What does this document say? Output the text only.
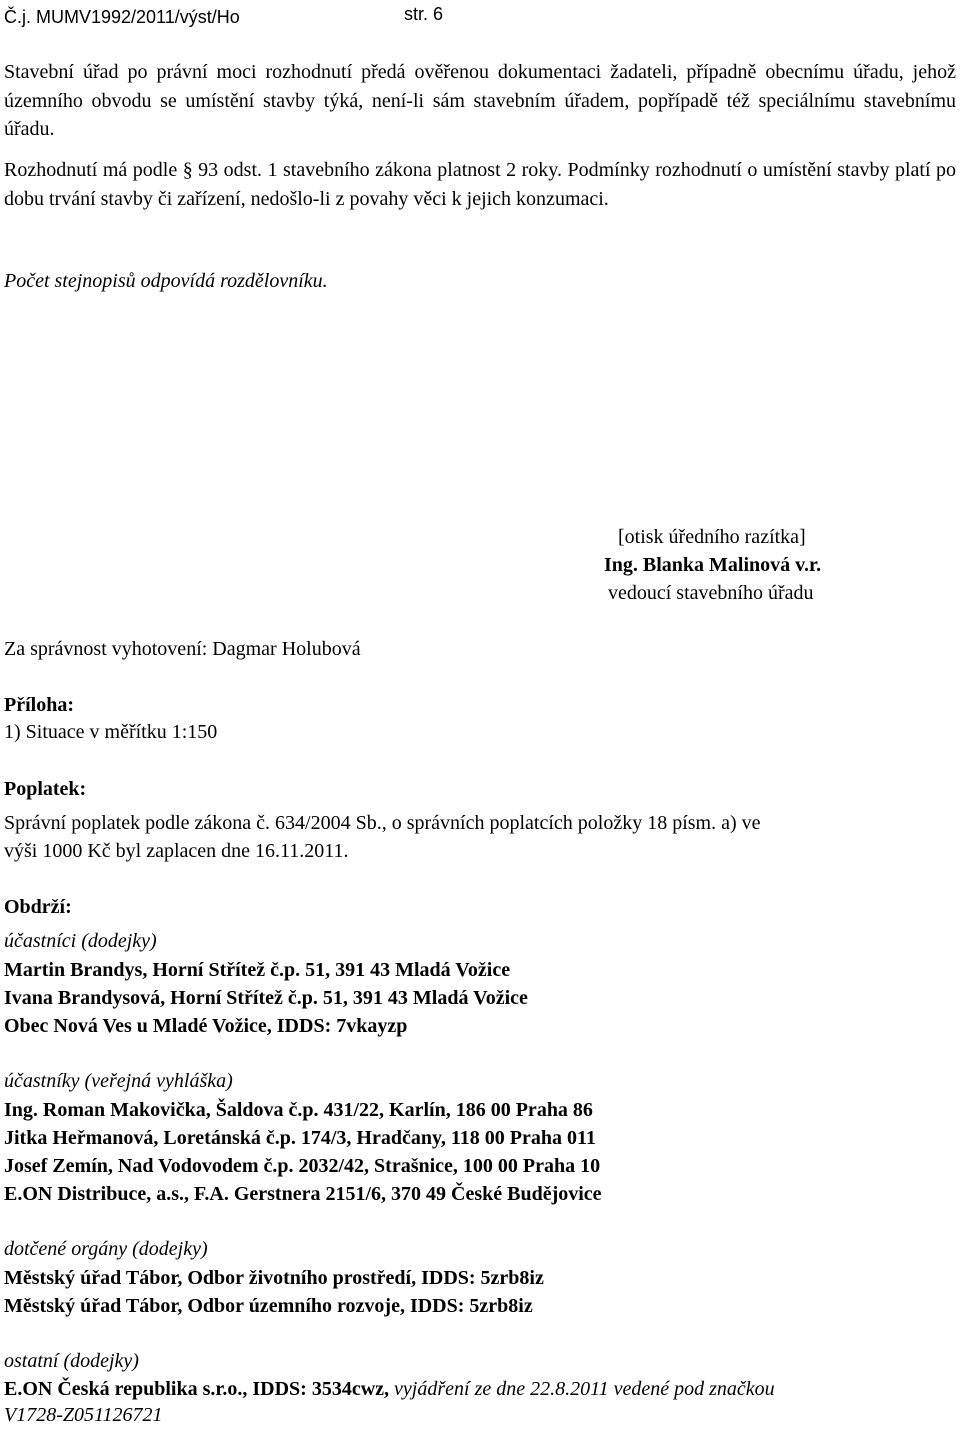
Č.j. MUMV1992/2011/výst/Ho	str. 6
Stavební úřad po právní moci rozhodnutí předá ověřenou dokumentaci žadateli, případně obecnímu úřadu, jehož územního obvodu se umístění stavby týká, není-li sám stavebním úřadem, popřípadě též speciálnímu stavebnímu úřadu.
Rozhodnutí má podle § 93 odst. 1 stavebního zákona platnost 2 roky. Podmínky rozhodnutí o umístění stavby platí po dobu trvání stavby či zařízení, nedošlo-li z povahy věci k jejich konzumaci.
Počet stejnopisů odpovídá rozdělovníku.
[otisk úředního razítka]
Ing. Blanka Malinová v.r.
vedoucí stavebního úřadu
Za správnost vyhotovení: Dagmar Holubová
Příloha:
1) Situace v měřítku 1:150
Poplatek:
Správní poplatek podle zákona č. 634/2004 Sb., o správních poplatcích položky 18 písm. a) ve
výši 1000 Kč byl zaplacen dne 16.11.2011.
Obdrží:
účastníci (dodejky)
Martin Brandys, Horní Střítež č.p. 51, 391 43 Mladá Vožice
Ivana Brandysová, Horní Střítež č.p. 51, 391 43 Mladá Vožice
Obec Nová Ves u Mladé Vožice, IDDS: 7vkayzp
účastníky (veřejná vyhláška)
Ing. Roman Makovička, Šaldova č.p. 431/22, Karlín, 186 00 Praha 86
Jitka Heřmanová, Loretánská č.p. 174/3, Hradčany, 118 00 Praha 011
Josef Zemín, Nad Vodovodem č.p. 2032/42, Strašnice, 100 00 Praha 10
E.ON Distribuce, a.s., F.A. Gerstnera 2151/6, 370 49 České Budějovice
dotčené orgány (dodejky)
Městský úřad Tábor, Odbor životního prostředí, IDDS: 5zrb8iz
Městský úřad Tábor, Odbor územního rozvoje, IDDS: 5zrb8iz
ostatní (dodejky)
E.ON Česká republika s.r.o., IDDS: 3534cwz, vyjádření ze dne 22.8.2011 vedené pod značkou
V1728-Z051126721
